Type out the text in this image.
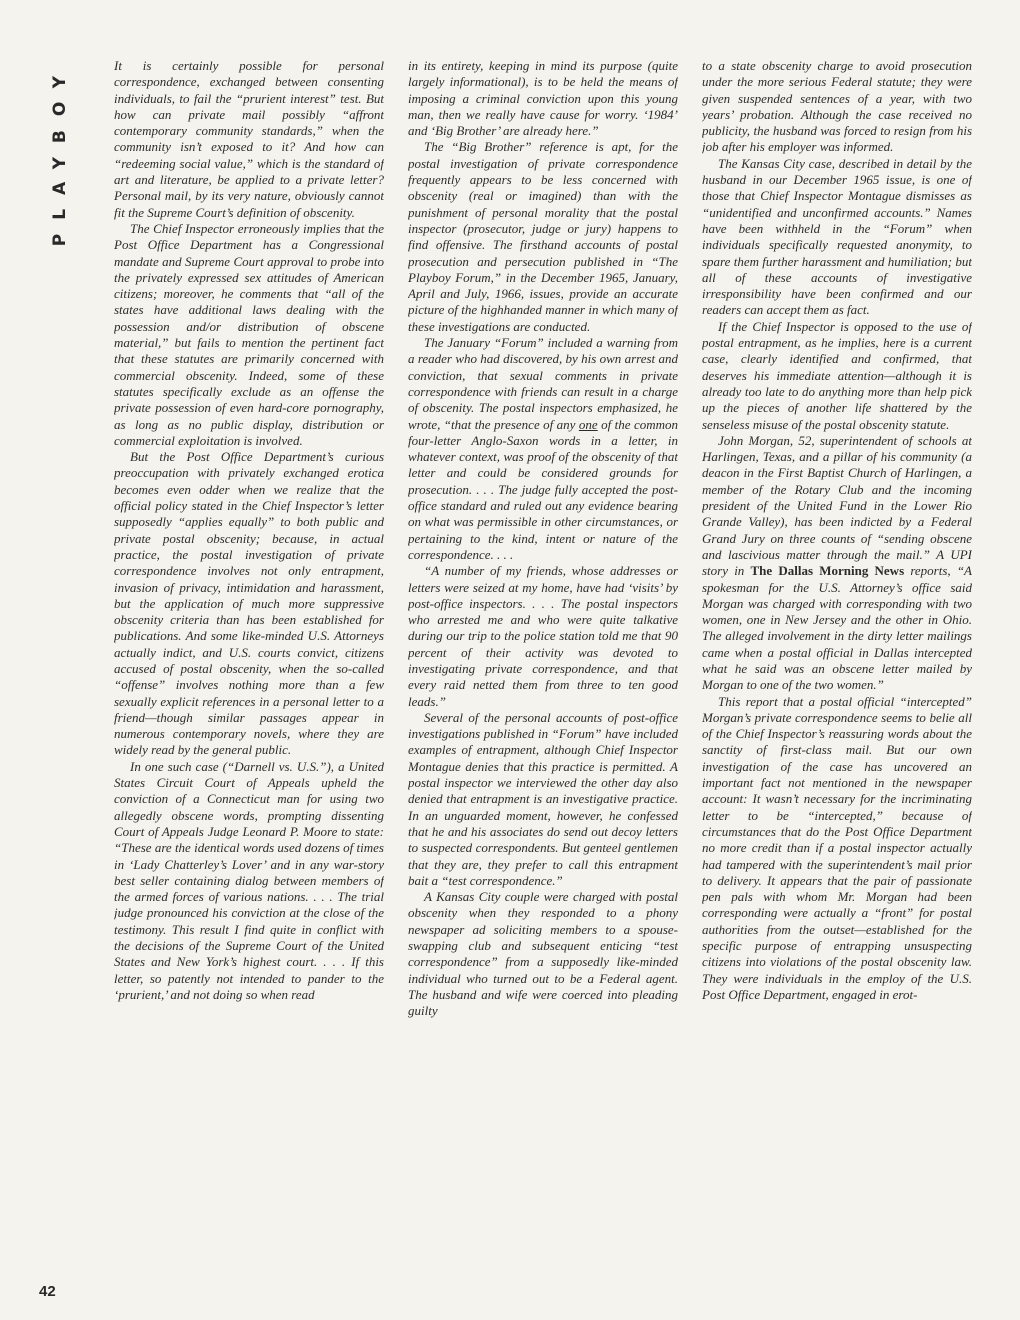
PLAYBOY	It is certainly possible for personal correspondence, exchanged between consenting individuals, to fail the “prurient interest” test. But how can private mail possibly “affront contemporary community standards,” when the community isn’t exposed to it? And how can “redeeming social value,” which is the standard of art and literature, be applied to a private letter? Personal mail, by its very nature, obviously cannot fit the Supreme Court’s definition of obscenity.

The Chief Inspector erroneously implies that the Post Office Department has a Congressional mandate and Supreme Court approval to probe into the privately expressed sex attitudes of American citizens; moreover, he comments that “all of the states have additional laws dealing with the possession and/or distribution of obscene material,” but fails to mention the pertinent fact that these statutes are primarily concerned with commercial obscenity. Indeed, some of these statutes specifically exclude as an offense the private possession of even hard-core pornography, as long as no public display, distribution or commercial exploitation is involved.

But the Post Office Department’s curious preoccupation with privately exchanged erotica becomes even odder when we realize that the official policy stated in the Chief Inspector’s letter supposedly “applies equally” to both public and private postal obscenity; because, in actual practice, the postal investigation of private correspondence involves not only entrapment, invasion of privacy, intimidation and harassment, but the application of much more suppressive obscenity criteria than has been established for publications. And some like-minded U.S. Attorneys actually indict, and U.S. courts convict, citizens accused of postal obscenity, when the so-called “offense” involves nothing more than a few sexually explicit references in a personal letter to a friend—though similar passages appear in numerous contemporary novels, where they are widely read by the general public.

In one such case (“Darnell vs. U.S.”), a United States Circuit Court of Appeals upheld the conviction of a Connecticut man for using two allegedly obscene words, prompting dissenting Court of Appeals Judge Leonard P. Moore to state: “These are the identical words used dozens of times in ‘Lady Chatterley’s Lover’ and in any war-story best seller containing dialog between members of the armed forces of various nations. . . . The trial judge pronounced his conviction at the close of the testimony. This result I find quite in conflict with the decisions of the Supreme Court of the United States and New York’s highest court. . . . If this letter, so patently not intended to pander to the ‘prurient,’ and not doing so when read

in its entirety, keeping in mind its purpose (quite largely informational), is to be held the means of imposing a criminal conviction upon this young man, then we really have cause for worry. ‘1984’ and ‘Big Brother’ are already here.”

The “Big Brother” reference is apt, for the postal investigation of private correspondence frequently appears to be less concerned with obscenity (real or imagined) than with the punishment of personal morality that the postal inspector (prosecutor, judge or jury) happens to find offensive. The firsthand accounts of postal prosecution and persecution published in “The Playboy Forum,” in the December 1965, January, April and July, 1966, issues, provide an accurate picture of the highhanded manner in which many of these investigations are conducted.

The January “Forum” included a warning from a reader who had discovered, by his own arrest and conviction, that sexual comments in private correspondence with friends can result in a charge of obscenity. The postal inspectors emphasized, he wrote, “that the presence of any one of the common four-letter Anglo-Saxon words in a letter, in whatever context, was proof of the obscenity of that letter and could be considered grounds for prosecution. . . . The judge fully accepted the post-office standard and ruled out any evidence bearing on what was permissible in other circumstances, or pertaining to the kind, intent or nature of the correspondence. . . .

“A number of my friends, whose addresses or letters were seized at my home, have had ‘visits’ by post-office inspectors. . . . The postal inspectors who arrested me and who were quite talkative during our trip to the police station told me that 90 percent of their activity was devoted to investigating private correspondence, and that every raid netted them from three to ten good leads.”

Several of the personal accounts of post-office investigations published in “Forum” have included examples of entrapment, although Chief Inspector Montague denies that this practice is permitted. A postal inspector we interviewed the other day also denied that entrapment is an investigative practice. In an unguarded moment, however, he confessed that he and his associates do send out decoy letters to suspected correspondents. But genteel gentlemen that they are, they prefer to call this entrapment bait a “test correspondence.”

A Kansas City couple were charged with postal obscenity when they responded to a phony newspaper ad soliciting members to a spouse-swapping club and subsequent enticing “test correspondence” from a supposedly like-minded individual who turned out to be a Federal agent. The husband and wife were coerced into pleading guilty

to a state obscenity charge to avoid prosecution under the more serious Federal statute; they were given suspended sentences of a year, with two years’ probation. Although the case received no publicity, the husband was forced to resign from his job after his employer was informed.

The Kansas City case, described in detail by the husband in our December 1965 issue, is one of those that Chief Inspector Montague dismisses as “unidentified and unconfirmed accounts.” Names have been withheld in the “Forum” when individuals specifically requested anonymity, to spare them further harassment and humiliation; but all of these accounts of investigative irresponsibility have been confirmed and our readers can accept them as fact.

If the Chief Inspector is opposed to the use of postal entrapment, as he implies, here is a current case, clearly identified and confirmed, that deserves his immediate attention—although it is already too late to do anything more than help pick up the pieces of another life shattered by the senseless misuse of the postal obscenity statute.

John Morgan, 52, superintendent of schools at Harlingen, Texas, and a pillar of his community (a deacon in the First Baptist Church of Harlingen, a member of the Rotary Club and the incoming president of the United Fund in the Lower Rio Grande Valley), has been indicted by a Federal Grand Jury on three counts of “sending obscene and lascivious matter through the mail.” A UPI story in The Dallas Morning News reports, “A spokesman for the U.S. Attorney’s office said Morgan was charged with corresponding with two women, one in New Jersey and the other in Ohio. The alleged involvement in the dirty letter mailings came when a postal official in Dallas intercepted what he said was an obscene letter mailed by Morgan to one of the two women.”

This report that a postal official “intercepted” Morgan’s private correspondence seems to belie all of the Chief Inspector’s reassuring words about the sanctity of first-class mail. But our own investigation of the case has uncovered an important fact not mentioned in the newspaper account: It wasn’t necessary for the incriminating letter to be “intercepted,” because of circumstances that do the Post Office Department no more credit than if a postal inspector actually had tampered with the superintendent’s mail prior to delivery. It appears that the pair of passionate pen pals with whom Mr. Morgan had been corresponding were actually a “front” for postal authorities from the outset—established for the specific purpose of entrapping unsuspecting citizens into violations of the postal obscenity law. They were individuals in the employ of the U.S. Post Office Department, engaged in erot-

42
